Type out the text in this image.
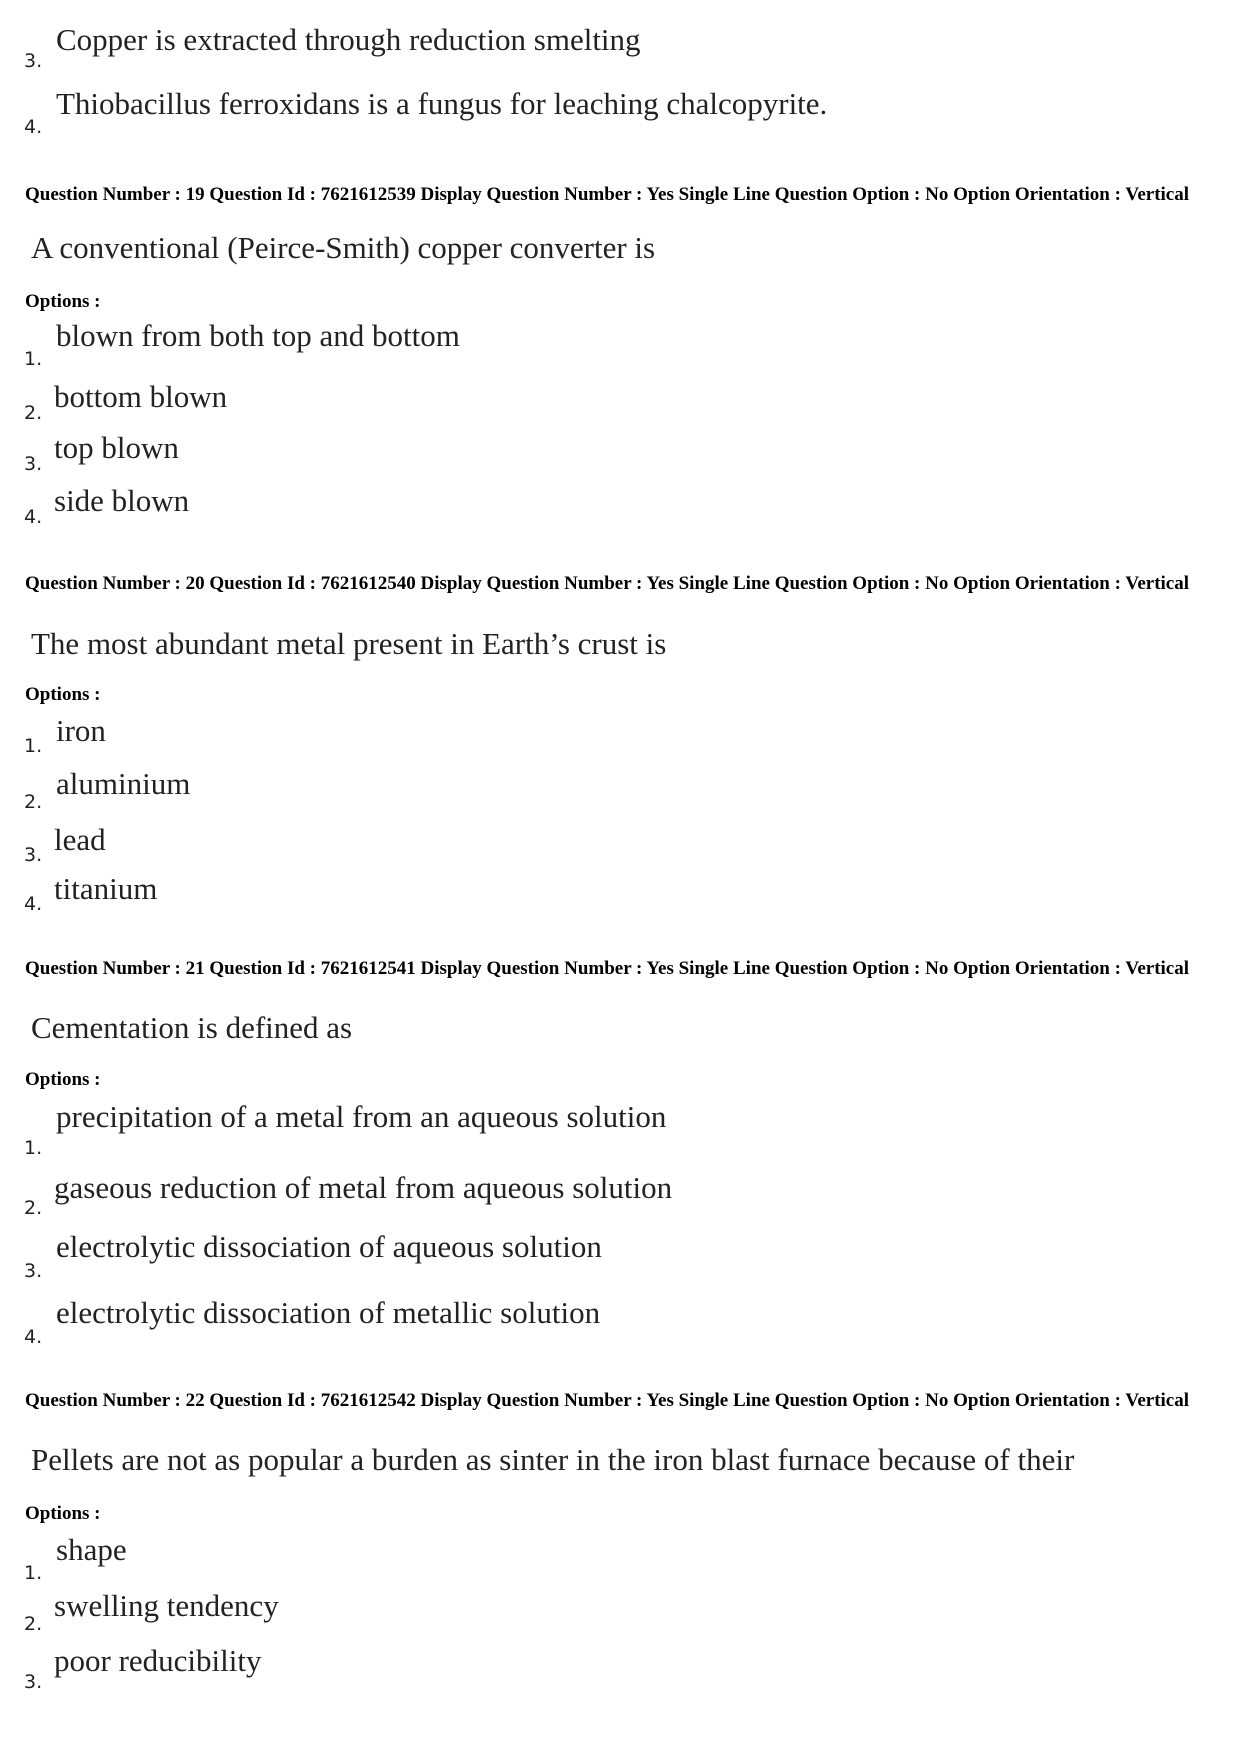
3.
Copper is extracted through reduction smelting
4.
Thiobacillus ferroxidans is a fungus for leaching chalcopyrite.
Question Number : 19 Question Id : 7621612539 Display Question Number : Yes Single Line Question Option : No Option Orientation : Vertical
A conventional (Peirce-Smith) copper converter is
Options :
1.
blown from both top and bottom
2. bottom blown
3. top blown
4. side blown
Question Number : 20 Question Id : 7621612540 Display Question Number : Yes Single Line Question Option : No Option Orientation : Vertical
The most abundant metal present in Earth’s crust is
Options :
1. iron
2.
aluminium
3. lead
4. titanium
Question Number : 21 Question Id : 7621612541 Display Question Number : Yes Single Line Question Option : No Option Orientation : Vertical
Cementation is defined as
Options :
1.
precipitation of a metal from an aqueous solution
2.
gaseous reduction of metal from aqueous solution
3.
electrolytic dissociation of aqueous solution
4.
electrolytic dissociation of metallic solution
Question Number : 22 Question Id : 7621612542 Display Question Number : Yes Single Line Question Option : No Option Orientation : Vertical
Pellets are not as popular a burden as sinter in the iron blast furnace because of their
Options :
1.
shape
2.
swelling tendency
3.
poor reducibility
